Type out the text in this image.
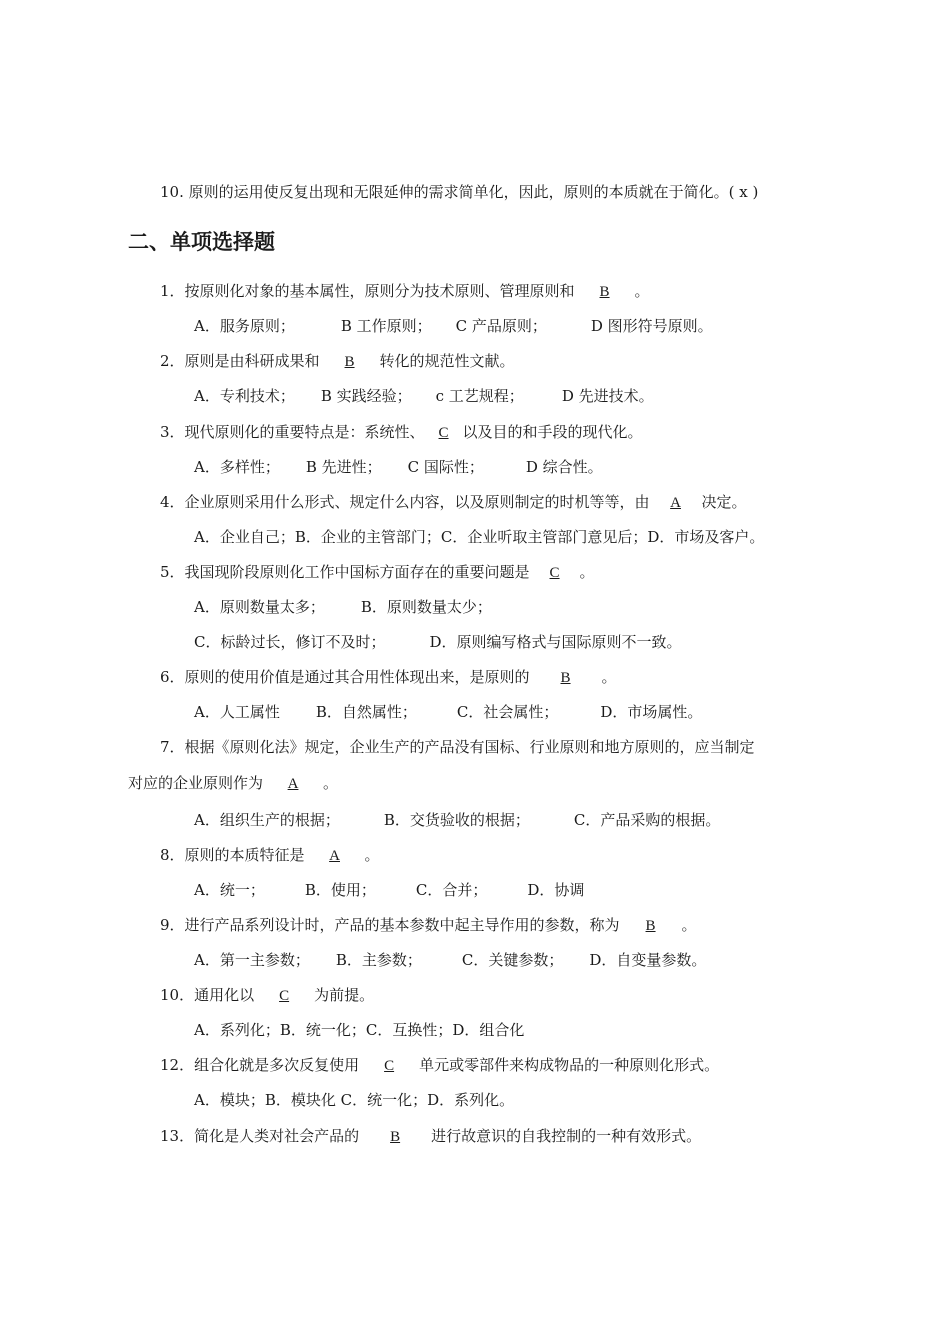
10. 原则的运用使反复出现和无限延伸的需求简单化，因此，原则的本质就在于简化。( x )
二、单项选择题
1．按原则化对象的基本属性，原则分为技术原则、管理原则和 B 。
A．服务原则；	B 工作原则； C 产品原则；	D 图形符号原则。
2．原则是由科研成果和 B 转化的规范性文献。
A．专利技术； B 实践经验； c 工艺规程；	D 先进技术。
3．现代原则化的重要特点是：系统性、 C 以及目的和手段的现代化。
A．多样性； B 先进性； C 国际性；	D 综合性。
4．企业原则采用什么形式、规定什么内容，以及原则制定的时机等等，由 A 决定。
A．企业自己；B．企业的主管部门；C．企业听取主管部门意见后；D．市场及客户。
5．我国现阶段原则化工作中国标方面存在的重要问题是 C 。
A．原则数量太多； B．原则数量太少；
C．标龄过长，修订不及时；	D．原则编写格式与国际原则不一致。
6．原则的使用价值是通过其合用性体现出来，是原则的 B 。
A．人工属性 B．自然属性；	C．社会属性；	D．市场属性。
7．根据《原则化法》规定，企业生产的产品没有国标、行业原则和地方原则的，应当制定
对应的企业原则作为 A 。
A．组织生产的根据；	B．交货验收的根据；	C．产品采购的根据。
8．原则的本质特征是 A 。
A．统一；	B．使用；	C．合并；	D．协调
9．进行产品系列设计时，产品的基本参数中起主导作用的参数，称为 B 。
A．第一主参数； B．主参数；	C．关键参数； D．自变量参数。
10．通用化以 C 为前提。
A．系列化；B．统一化；C．互换性；D．组合化
12．组合化就是多次反复使用 C 单元或零部件来构成物品的一种原则化形式。
A．模块；B．模块化 C．统一化；D．系列化。
13．简化是人类对社会产品的 B 进行故意识的自我控制的一种有效形式。
